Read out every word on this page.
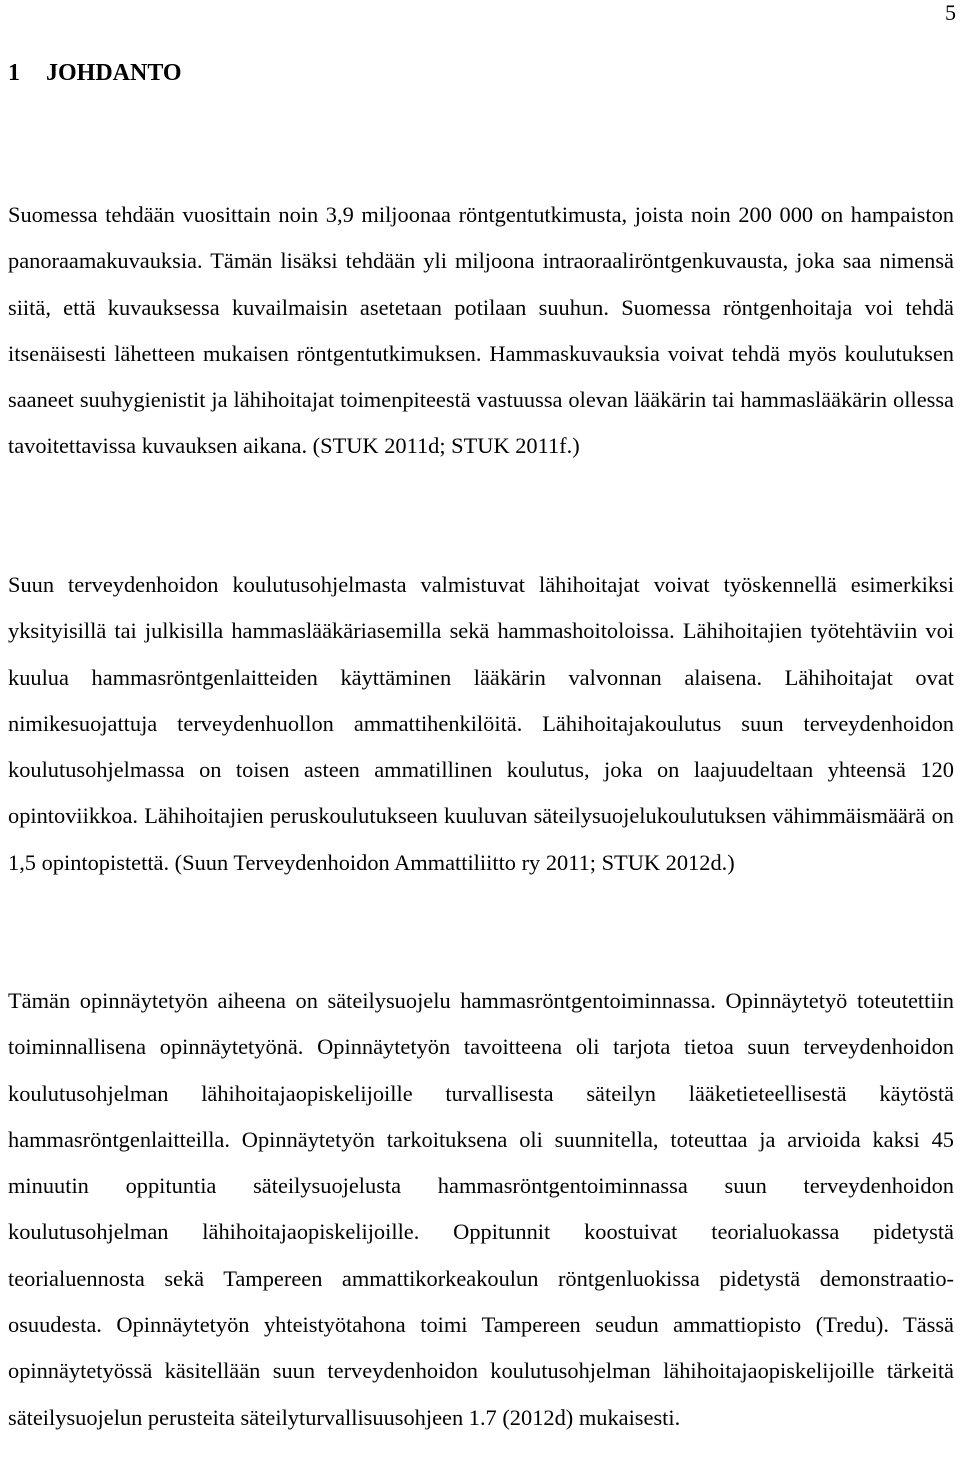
5
1 JOHDANTO

Suomessa tehdään vuosittain noin 3,9 miljoonaa röntgentutkimusta, joista noin 200 000 on hampaiston panoraamakuvauksia. Tämän lisäksi tehdään yli miljoona intraoraaliröntgenkuvausta, joka saa nimensä siitä, että kuvauksessa kuvailmaisin asetetaan potilaan suuhun. Suomessa röntgenhoitaja voi tehdä itsenäisesti lähetteen mukaisen röntgentutkimuksen. Hammaskuvauksia voivat tehdä myös koulutuksen saaneet suuhygienistit ja lähihoitajat toimenpiteestä vastuussa olevan lääkärin tai hammaslääkärin ollessa tavoitettavissa kuvauksen aikana. (STUK 2011d; STUK 2011f.)

Suun terveydenhoidon koulutusohjelmasta valmistuvat lähihoitajat voivat työskennellä esimerkiksi yksityisillä tai julkisilla hammaslääkäriasemilla sekä hammashoitoloissa. Lähihoitajien työtehtäviin voi kuulua hammasröntgenlaitteiden käyttäminen lääkärin valvonnan alaisena. Lähihoitajat ovat nimikesuojattuja terveydenhuollon ammattihenkilöitä. Lähihoitajakoulutus suun terveydenhoidon koulutusohjelmassa on toisen asteen ammatillinen koulutus, joka on laajuudeltaan yhteensä 120 opintoviikkoa. Lähihoitajien peruskoulutukseen kuuluvan säteilysuojelukoulutuksen vähimmäismäärä on 1,5 opintopistettä. (Suun Terveydenhoidon Ammattiliitto ry 2011; STUK 2012d.)

Tämän opinnäytetyön aiheena on säteilysuojelu hammasröntgentoiminnassa. Opinnäytetyö toteutettiin toiminnallisena opinnäytetyönä. Opinnäytetyön tavoitteena oli tarjota tietoa suun terveydenhoidon koulutusohjelman lähihoitajaopiskelijoille turvallisesta säteilyn lääketieteellisestä käytöstä hammasröntgenlaitteilla. Opinnäytetyön tarkoituksena oli suunnitella, toteuttaa ja arvioida kaksi 45 minuutin oppituntia säteilysuojelusta hammasröntgentoiminnassa suun terveydenhoidon koulutusohjelman lähihoitajaopiskelijoille. Oppitunnit koostuivat teorialuokassa pidetystä teorialuennosta sekä Tampereen ammattikorkeakoulun röntgenluokissa pidetystä demonstraatio-osuudesta. Opinnäytetyön yhteistyötahona toimi Tampereen seudun ammattiopisto (Tredu). Tässä opinnäytetyössä käsitellään suun terveydenhoidon koulutusohjelman lähihoitajaopiskelijoille tärkeitä säteilysuojelun perusteita säteilyturvallisuusohjeen 1.7 (2012d) mukaisesti.
